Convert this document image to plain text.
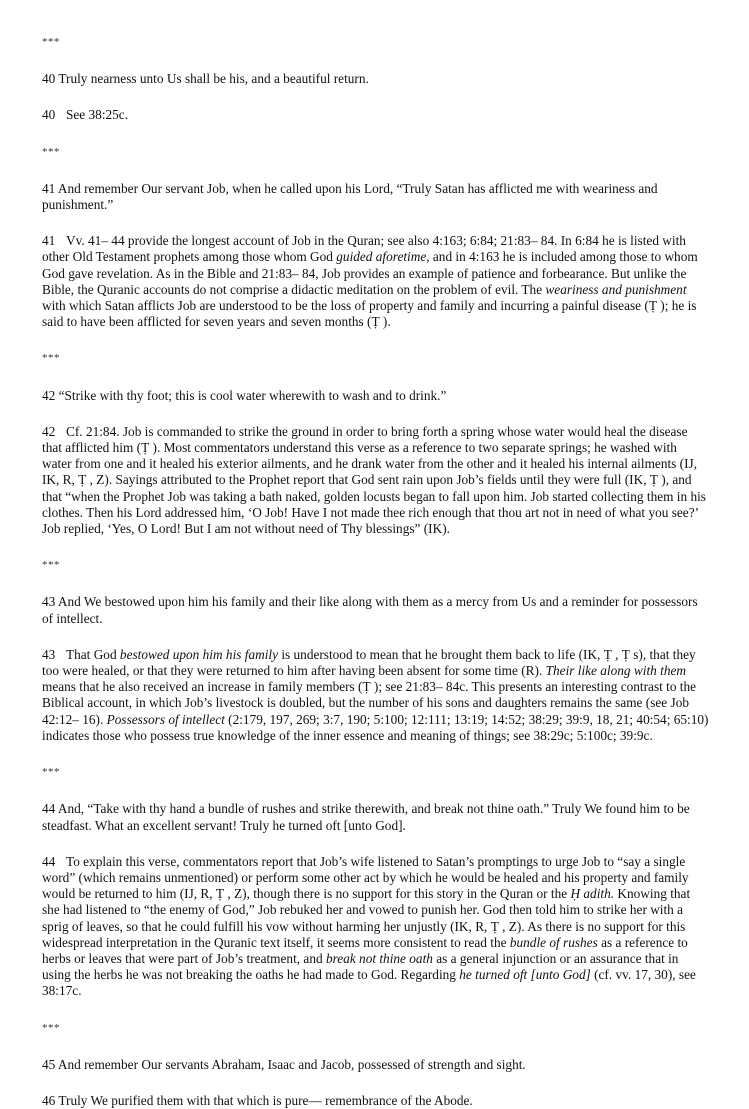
***

40 Truly nearness unto Us shall be his, and a beautiful return.

40 See 38:25c.

***

41 And remember Our servant Job, when he called upon his Lord, “Truly Satan has afflicted me with weariness and punishment.”

41 Vv. 41– 44 provide the longest account of Job in the Quran; see also 4:163; 6:84; 21:83– 84. In 6:84 he is listed with other Old Testament prophets among those whom God guided aforetime, and in 4:163 he is included among those to whom God gave revelation. As in the Bible and 21:83– 84, Job provides an example of patience and forbearance. But unlike the Bible, the Quranic accounts do not comprise a didactic meditation on the problem of evil. The weariness and punishment with which Satan afflicts Job are understood to be the loss of property and family and incurring a painful disease (Ṭ ); he is said to have been afflicted for seven years and seven months (Ṭ ).

***

42 “Strike with thy foot; this is cool water wherewith to wash and to drink.”

42 Cf. 21:84. Job is commanded to strike the ground in order to bring forth a spring whose water would heal the disease that afflicted him (Ṭ ). Most commentators understand this verse as a reference to two separate springs; he washed with water from one and it healed his exterior ailments, and he drank water from the other and it healed his internal ailments (IJ, IK, R, Ṭ , Z). Sayings attributed to the Prophet report that God sent rain upon Job’s fields until they were full (IK, Ṭ ), and that “when the Prophet Job was taking a bath naked, golden locusts began to fall upon him. Job started collecting them in his clothes. Then his Lord addressed him, ‘O Job! Have I not made thee rich enough that thou art not in need of what you see?’ Job replied, ‘Yes, O Lord! But I am not without need of Thy blessings” (IK).

***

43 And We bestowed upon him his family and their like along with them as a mercy from Us and a reminder for possessors of intellect.

43 That God bestowed upon him his family is understood to mean that he brought them back to life (IK, Ṭ , Ṭ s), that they too were healed, or that they were returned to him after having been absent for some time (R). Their like along with them means that he also received an increase in family members (Ṭ ); see 21:83– 84c. This presents an interesting contrast to the Biblical account, in which Job’s livestock is doubled, but the number of his sons and daughters remains the same (see Job 42:12– 16). Possessors of intellect (2:179, 197, 269; 3:7, 190; 5:100; 12:111; 13:19; 14:52; 38:29; 39:9, 18, 21; 40:54; 65:10) indicates those who possess true knowledge of the inner essence and meaning of things; see 38:29c; 5:100c; 39:9c.

***

44 And, “Take with thy hand a bundle of rushes and strike therewith, and break not thine oath.” Truly We found him to be steadfast. What an excellent servant! Truly he turned oft [unto God].

44 To explain this verse, commentators report that Job’s wife listened to Satan’s promptings to urge Job to “say a single word” (which remains unmentioned) or perform some other act by which he would be healed and his property and family would be returned to him (IJ, R, Ṭ , Z), though there is no support for this story in the Quran or the Ḥ adith. Knowing that she had listened to “the enemy of God,” Job rebuked her and vowed to punish her. God then told him to strike her with a sprig of leaves, so that he could fulfill his vow without harming her unjustly (IK, R, Ṭ , Z). As there is no support for this widespread interpretation in the Quranic text itself, it seems more consistent to read the bundle of rushes as a reference to herbs or leaves that were part of Job’s treatment, and break not thine oath as a general injunction or an assurance that in using the herbs he was not breaking the oaths he had made to God. Regarding he turned oft [unto God] (cf. vv. 17, 30), see 38:17c.

***

45 And remember Our servants Abraham, Isaac and Jacob, possessed of strength and sight.

46 Truly We purified them with that which is pure— remembrance of the Abode.
